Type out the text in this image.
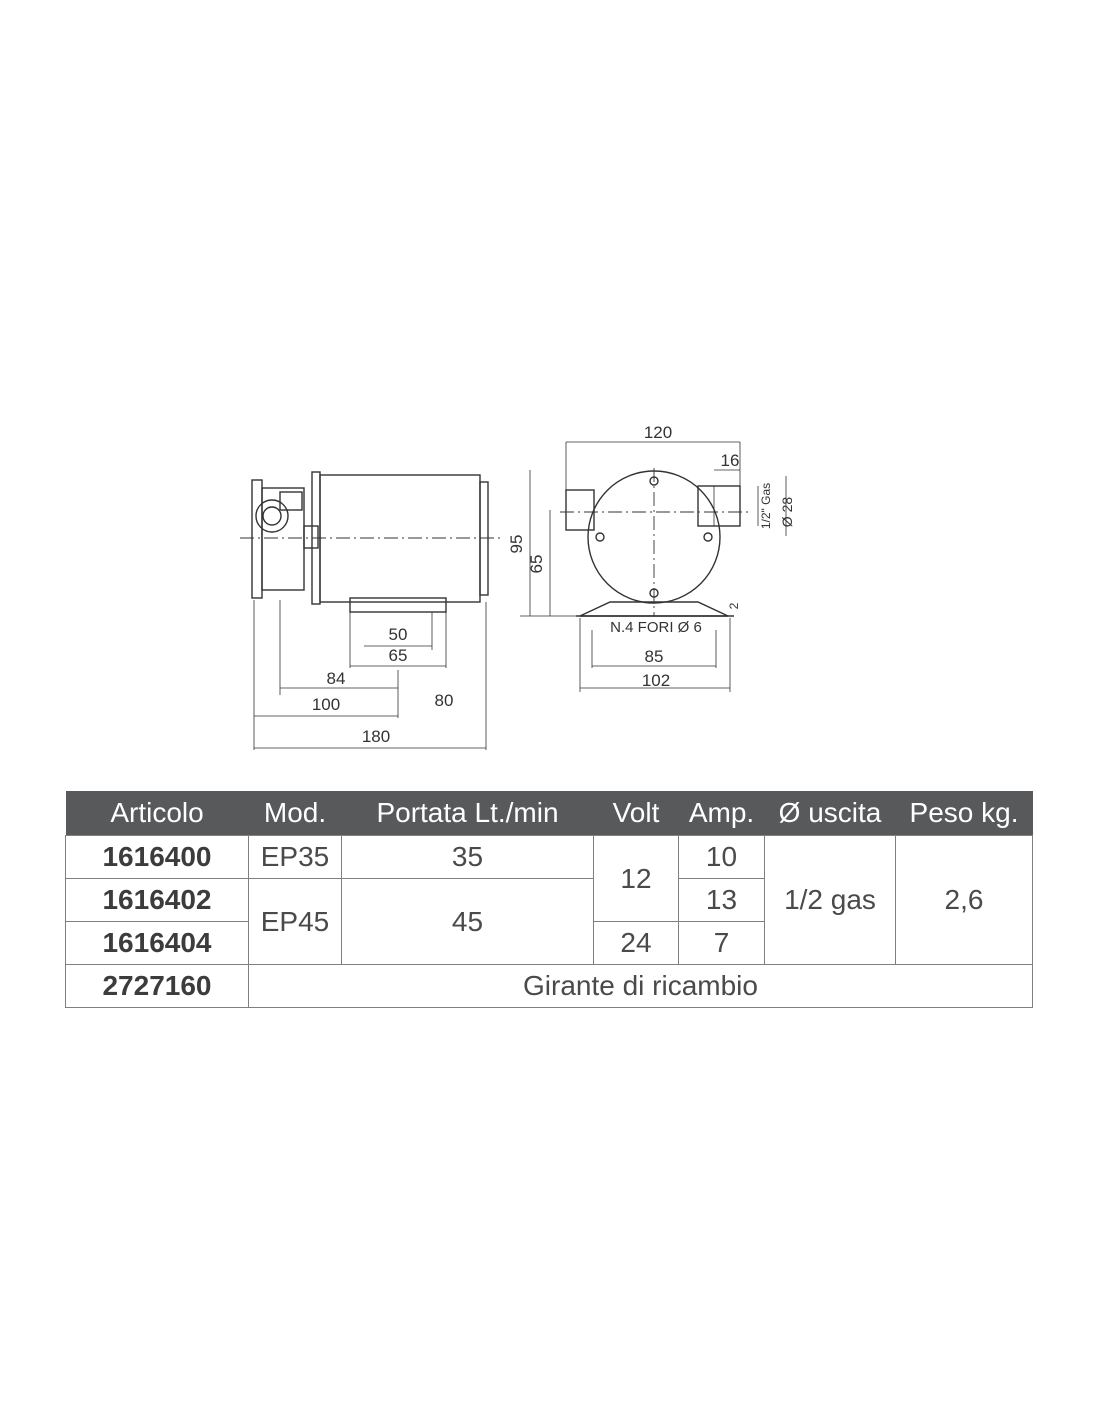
50
65
84
100	80
180
120
16
1/2" Gas Ø 28
95
65
2
N.4 FORI Ø 6
85
102
Articolo	Mod.	Portata Lt./min	Volt	Amp.	Ø uscita	Peso kg.
1616400	EP35	35	12	10	1/2 gas	2,6
1616402	EP45	45		13		
1616404			24	7		
2727160	Girante di ricambio					
